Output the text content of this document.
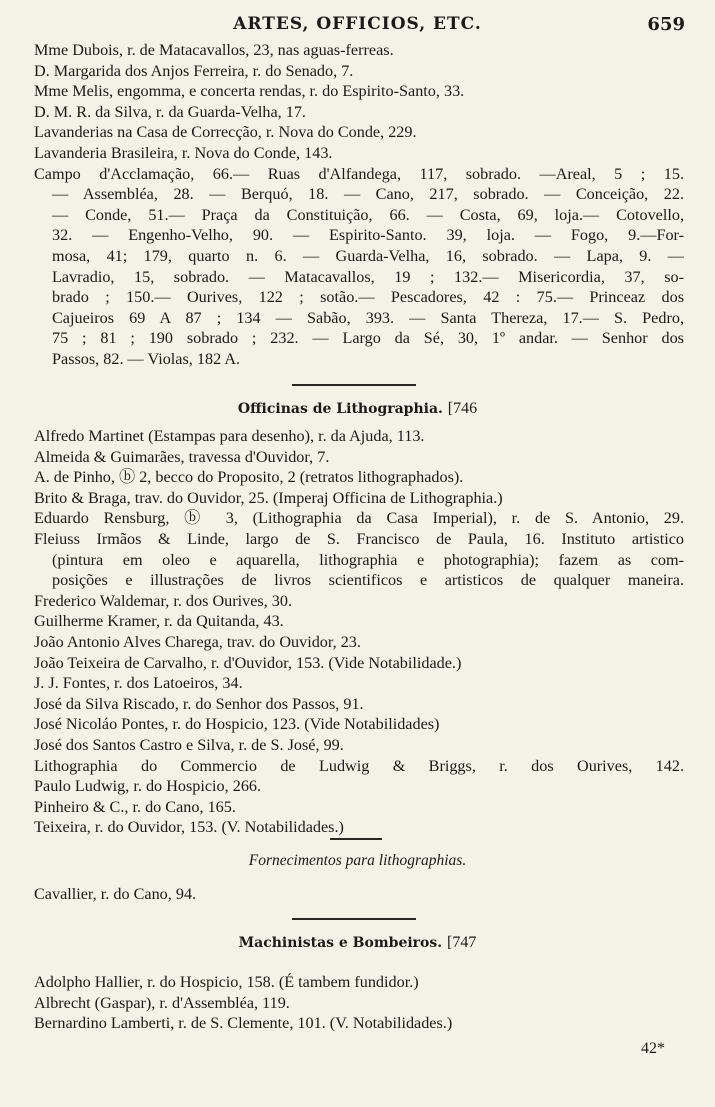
ARTES, OFFICIOS, ETC.	659
Mme Dubois, r. de Matacavallos, 23, nas aguas-ferreas.
D. Margarida dos Anjos Ferreira, r. do Senado, 7.
Mme Melis, engomma, e concerta rendas, r. do Espirito-Santo, 33.
D. M. R. da Silva, r. da Guarda-Velha, 17.
Lavanderias na Casa de Correcção, r. Nova do Conde, 229.
Lavanderia Brasileira, r. Nova do Conde, 143.
Campo d'Acclamação, 66.— Ruas d'Alfandega, 117, sobrado. —Areal, 5 ; 15.
— Assembléa, 28. — Berquó, 18. — Cano, 217, sobrado. — Conceição, 22.
— Conde, 51.— Praça da Constituição, 66. — Costa, 69, loja.— Cotovello,
32. — Engenho-Velho, 90. — Espirito-Santo. 39, loja. — Fogo, 9.—For-
mosa, 41; 179, quarto n. 6. — Guarda-Velha, 16, sobrado. — Lapa, 9. —
Lavradio, 15, sobrado. — Matacavallos, 19 ; 132.— Misericordia, 37, so-
brado ; 150.— Ourives, 122 ; sotão.— Pescadores, 42 : 75.— Princeaz dos
Cajueiros 69 A 87 ; 134 — Sabão, 393. — Santa Thereza, 17.— S. Pedro,
75 ; 81 ; 190 sobrado ; 232. — Largo da Sé, 30, 1º andar. — Senhor dos
Passos, 82. — Violas, 182 A.
Officinas de Lithographia. [746
Alfredo Martinet (Estampas para desenho), r. da Ajuda, 113.
Almeida & Guimarães, travessa d'Ouvidor, 7.
A. de Pinho, ⓑ 2, becco do Proposito, 2 (retratos lithographados).
Brito & Braga, trav. do Ouvidor, 25. (Imperaj Officina de Lithographia.)
Eduardo Rensburg, ⓑ 3, (Lithographia da Casa Imperial), r. de S. Antonio, 29.
Fleiuss Irmãos & Linde, largo de S. Francisco de Paula, 16. Instituto artistico
(pintura em oleo e aquarella, lithographia e photographia); fazem as com-
posições e illustrações de livros scientificos e artisticos de qualquer maneira.
Frederico Waldemar, r. dos Ourives, 30.
Guilherme Kramer, r. da Quitanda, 43.
João Antonio Alves Charega, trav. do Ouvidor, 23.
João Teixeira de Carvalho, r. d'Ouvidor, 153. (Vide Notabilidade.)
J. J. Fontes, r. dos Latoeiros, 34.
José da Silva Riscado, r. do Senhor dos Passos, 91.
José Nicoláo Pontes, r. do Hospicio, 123. (Vide Notabilidades)
José dos Santos Castro e Silva, r. de S. José, 99.
Lithographia do Commercio de Ludwig & Briggs, r. dos Ourives, 142.
Paulo Ludwig, r. do Hospicio, 266.
Pinheiro & C., r. do Cano, 165.
Teixeira, r. do Ouvidor, 153. (V. Notabilidades.)
Fornecimentos para lithographias.
Cavallier, r. do Cano, 94.
Machinistas e Bombeiros. [747
Adolpho Hallier, r. do Hospicio, 158. (É tambem fundidor.)
Albrecht (Gaspar), r. d'Assembléa, 119.
Bernardino Lamberti, r. de S. Clemente, 101. (V. Notabilidades.)
42*
